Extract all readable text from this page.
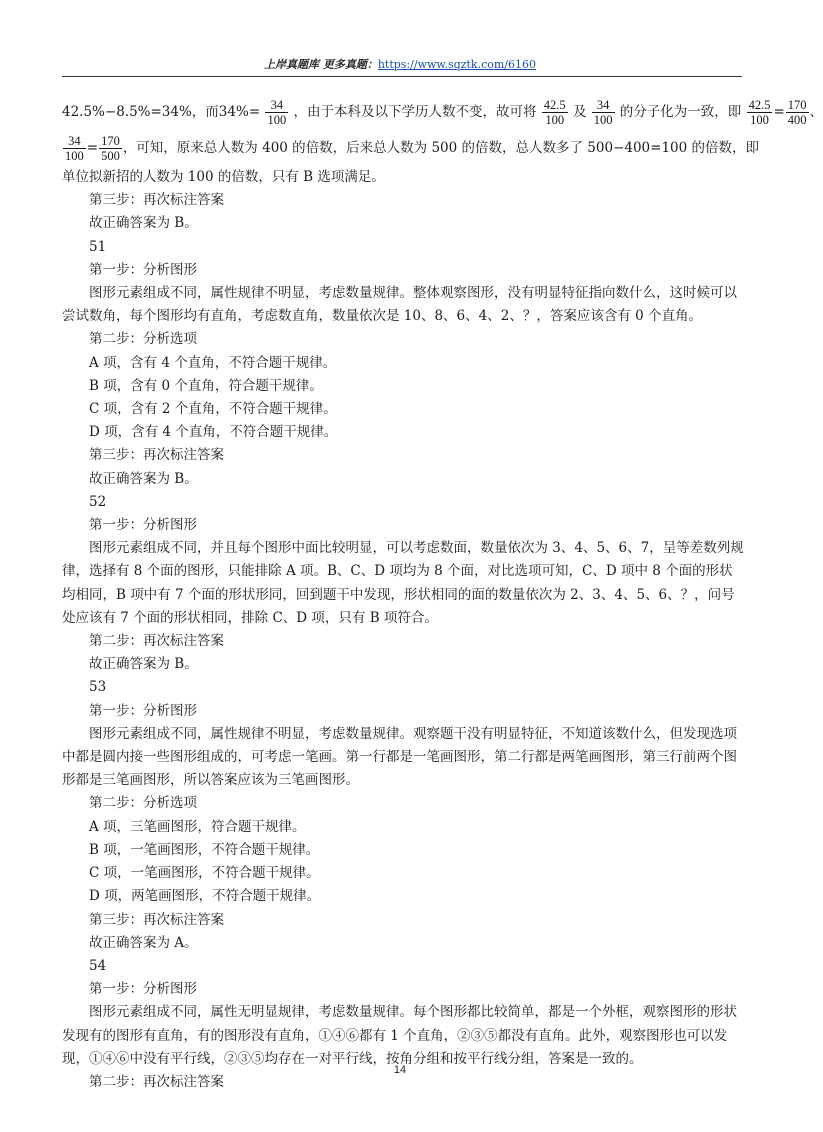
上岸真题库 更多真题：https://www.sqztk.com/6160
42.5%−8.5%=34%，而$34\%= \frac{34}{100}$ ，由于本科及以下学历人数不变，故可将 $\frac{42.5}{100}$ 及 $\frac{34}{100}$ 的分子化为一致，即 $\frac{42.5}{100} = \frac{170}{400}$ 、
$\frac{34}{100} = \frac{170}{500}$ ，可知，原来总人数为 400 的倍数，后来总人数为 500 的倍数，总人数多了 500−400=100 的倍数，即

单位拟新招的人数为 100 的倍数，只有 B 选项满足。

第三步：再次标注答案

故正确答案为 B。

51

第一步：分析图形

图形元素组成不同，属性规律不明显，考虑数量规律。整体观察图形，没有明显特征指向数什么，这时候可以尝试数角，每个图形均有直角，考虑数直角，数量依次是 10、8、6、4、2、？，答案应该含有 0 个直角。

第二步：分析选项

A 项，含有 4 个直角，不符合题干规律。

B 项，含有 0 个直角，符合题干规律。

C 项，含有 2 个直角，不符合题干规律。

D 项，含有 4 个直角，不符合题干规律。

第三步：再次标注答案

故正确答案为 B。

52

第一步：分析图形

图形元素组成不同，并且每个图形中面比较明显，可以考虑数面，数量依次为 3、4、5、6、7，呈等差数列规律，选择有 8 个面的图形，只能排除 A 项。B、C、D 项均为 8 个面，对比选项可知，C、D 项中 8 个面的形状均相同，B 项中有 7 个面的形状形同，回到题干中发现，形状相同的面的数量依次为 2、3、4、5、6、？，问号处应该有 7 个面的形状相同，排除 C、D 项，只有 B 项符合。

第二步：再次标注答案

故正确答案为 B。

53

第一步：分析图形

图形元素组成不同，属性规律不明显，考虑数量规律。观察题干没有明显特征，不知道该数什么，但发现选项中都是圆内接一些图形组成的，可考虑一笔画。第一行都是一笔画图形，第二行都是两笔画图形，第三行前两个图形都是三笔画图形，所以答案应该为三笔画图形。

第二步：分析选项

A 项，三笔画图形，符合题干规律。

B 项，一笔画图形，不符合题干规律。

C 项，一笔画图形，不符合题干规律。

D 项，两笔画图形，不符合题干规律。

第三步：再次标注答案

故正确答案为 A。

54

第一步：分析图形

图形元素组成不同，属性无明显规律，考虑数量规律。每个图形都比较简单，都是一个外框，观察图形的形状发现有的图形有直角，有的图形没有直角，①④⑥都有 1 个直角，②③⑤都没有直角。此外，观察图形也可以发现，①④⑥中没有平行线，②③⑤均存在一对平行线，按角分组和按平行线分组，答案是一致的。

第二步：再次标注答案

14
